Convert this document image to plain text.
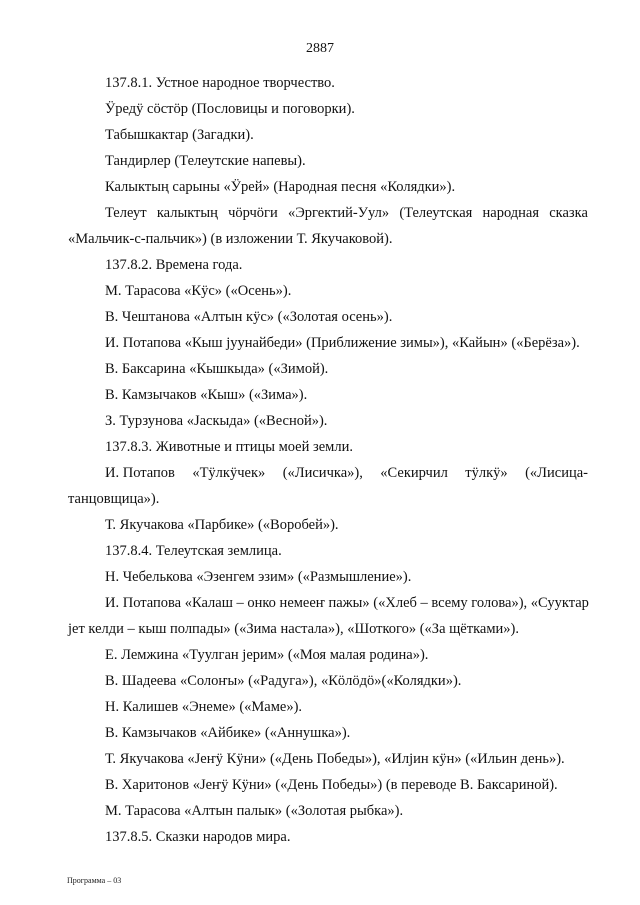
2887
137.8.1. Устное народное творчество.
Ӱредӱ сӧстӧр (Пословицы и поговорки).
Табышкактар (Загадки).
Тандирлер (Телеутские напевы).
Калыктың сарыны «Ӱрей» (Народная песня «Колядки»).
Телеут калыктың чӧрчӧги «Эргектий-Уул» (Телеутская народная сказка
«Мальчик-с-пальчик») (в изложении Т. Якучаковой).
137.8.2. Времена года.
М. Тарасова «Кӱс» («Осень»).
В. Чештанова «Алтын кӱс» («Золотая осень»).
И. Потапова «Кыш јуунайбеди» (Приближение зимы»), «Кайын» («Берёза»).
В. Баксарина «Кышкыда» («Зимой).
В. Камзычаков «Кыш» («Зима»).
З. Турзунова «Јаскыда» («Весной»).
137.8.3. Животные и птицы моей земли.
И. Потапов «Тӱлкӱчек» («Лисичка»), «Секирчил тӱлкӱ» («Лисица-
танцовщица»).
Т. Якучакова «Парбике» («Воробей»).
137.8.4. Телеутская землица.
Н. Чебелькова «Эзенгем эзим» («Размышление»).
И. Потапова «Калаш – онко немееҥ пажы» («Хлеб – всему голова»), «Сууктар
јет келди – кыш полпады» («Зима настала»), «Шоткого» («За щётками»).
Е. Лемжина «Туулган јерим» («Моя малая родина»).
В. Шадеева «Солоҥы» («Радуга»), «Кӧлӧдӧ»(«Колядки»).
Н. Калишев «Энеме» («Маме»).
В. Камзычаков «Айбике» («Аннушка»).
Т. Якучакова «Јеҥӱ Кӱни» («День Победы»), «Илјин кӱн» («Ильин день»).
В. Харитонов «Јеҥӱ Кӱни» («День Победы») (в переводе В. Баксариной).
М. Тарасова «Алтын палык» («Золотая рыбка»).
137.8.5. Сказки народов мира.
Программа – 03
